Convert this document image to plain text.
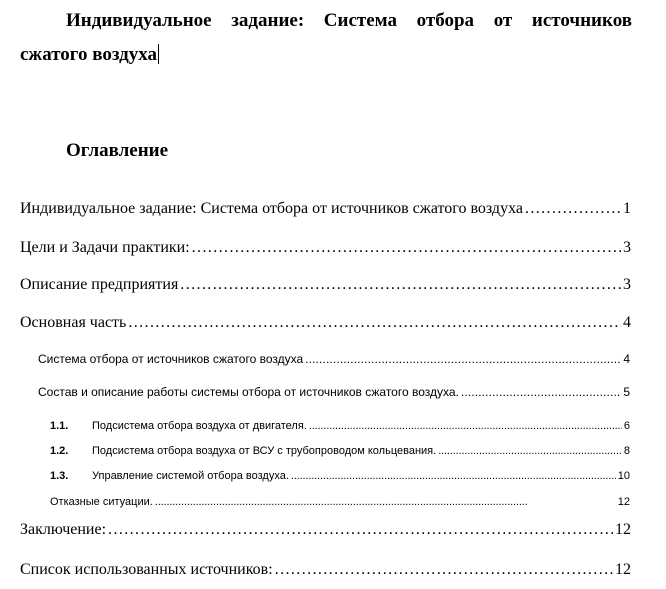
Индивидуальное задание: Система отбора от источников
сжатого воздуха
Оглавление
Индивидуальное задание: Система отбора от источников сжатого воздуха . . .	1
Цели и Задачи практики: . . .	3
Описание предприятия . . .	3
Основная часть . . .	4
Система отбора от источников сжатого воздуха . . .	4
Состав и описание работы системы отбора от источников сжатого воздуха. . . .	5
1.1.	Подсистема отбора воздуха от двигателя. . . .	6
1.2.	Подсистема отбора воздуха от ВСУ с трубопроводом кольцевания. . . .	8
1.3.	Управление системой отбора воздуха. . . .	10
Отказные ситуации. . . .	12
Заключение: . . .	12
Список использованных источников: . . .	12
